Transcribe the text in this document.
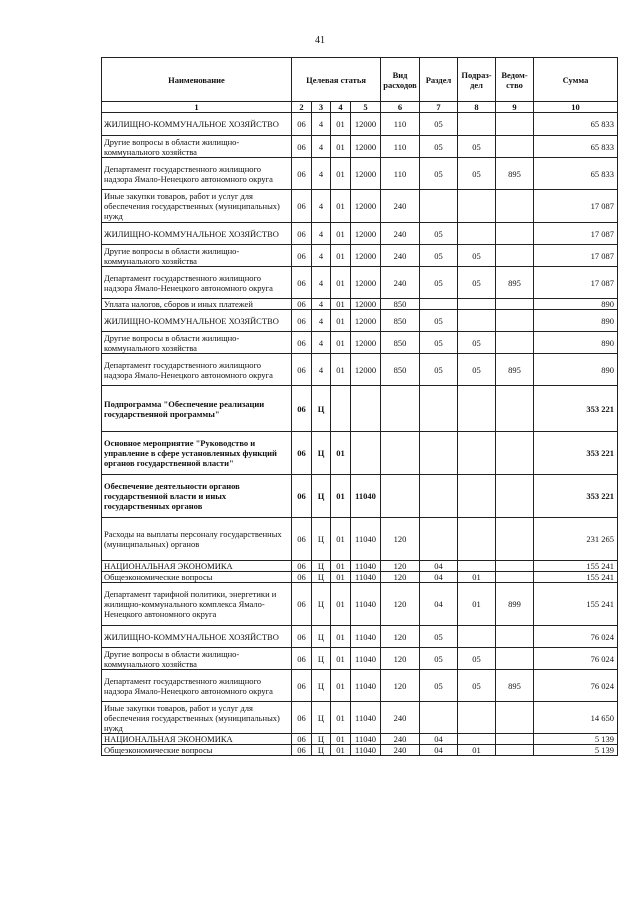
41
Наименование	Целевая статья				Вид расходов	Раздел	Подраз-дел	Ведом-ство	Сумма
1	2	3	4	5	6	7	8	9	10
ЖИЛИЩНО-КОММУНАЛЬНОЕ ХОЗЯЙСТВО	06	4	01	12000	110	05			65 833
Другие вопросы в области жилищно-коммунального хозяйства	06	4	01	12000	110	05	05		65 833
Департамент государственного жилищного надзора Ямало-Ненецкого автономного округа	06	4	01	12000	110	05	05	895	65 833
Иные закупки товаров, работ и услуг для обеспечения государственных (муниципальных) нужд	06	4	01	12000	240				17 087
ЖИЛИЩНО-КОММУНАЛЬНОЕ ХОЗЯЙСТВО	06	4	01	12000	240	05			17 087
Другие вопросы в области жилищно-коммунального хозяйства	06	4	01	12000	240	05	05		17 087
Департамент государственного жилищного надзора Ямало-Ненецкого автономного округа	06	4	01	12000	240	05	05	895	17 087
Уплата налогов, сборов и иных платежей	06	4	01	12000	850				890
ЖИЛИЩНО-КОММУНАЛЬНОЕ ХОЗЯЙСТВО	06	4	01	12000	850	05			890
Другие вопросы в области жилищно-коммунального хозяйства	06	4	01	12000	850	05	05		890
Департамент государственного жилищного надзора Ямало-Ненецкого автономного округа	06	4	01	12000	850	05	05	895	890
Подпрограмма "Обеспечение реализации государственной программы"	06	Ц							353 221
Основное мероприятие "Руководство и управление в сфере установленных функций органов государственной власти"	06	Ц	01						353 221
Обеспечение деятельности органов государственной власти и иных государственных органов	06	Ц	01	11040					353 221
Расходы на выплаты персоналу государственных (муниципальных) органов	06	Ц	01	11040	120				231 265
НАЦИОНАЛЬНАЯ ЭКОНОМИКА	06	Ц	01	11040	120	04			155 241
Общеэкономические вопросы	06	Ц	01	11040	120	04	01		155 241
Департамент тарифной политики, энергетики и жилищно-коммунального комплекса Ямало-Ненецкого автономного округа	06	Ц	01	11040	120	04	01	899	155 241
ЖИЛИЩНО-КОММУНАЛЬНОЕ ХОЗЯЙСТВО	06	Ц	01	11040	120	05			76 024
Другие вопросы в области жилищно-коммунального хозяйства	06	Ц	01	11040	120	05	05		76 024
Департамент государственного жилищного надзора Ямало-Ненецкого автономного округа	06	Ц	01	11040	120	05	05	895	76 024
Иные закупки товаров, работ и услуг для обеспечения государственных (муниципальных) нужд	06	Ц	01	11040	240				14 650
НАЦИОНАЛЬНАЯ ЭКОНОМИКА	06	Ц	01	11040	240	04			5 139
Общеэкономические вопросы	06	Ц	01	11040	240	04	01		5 139
